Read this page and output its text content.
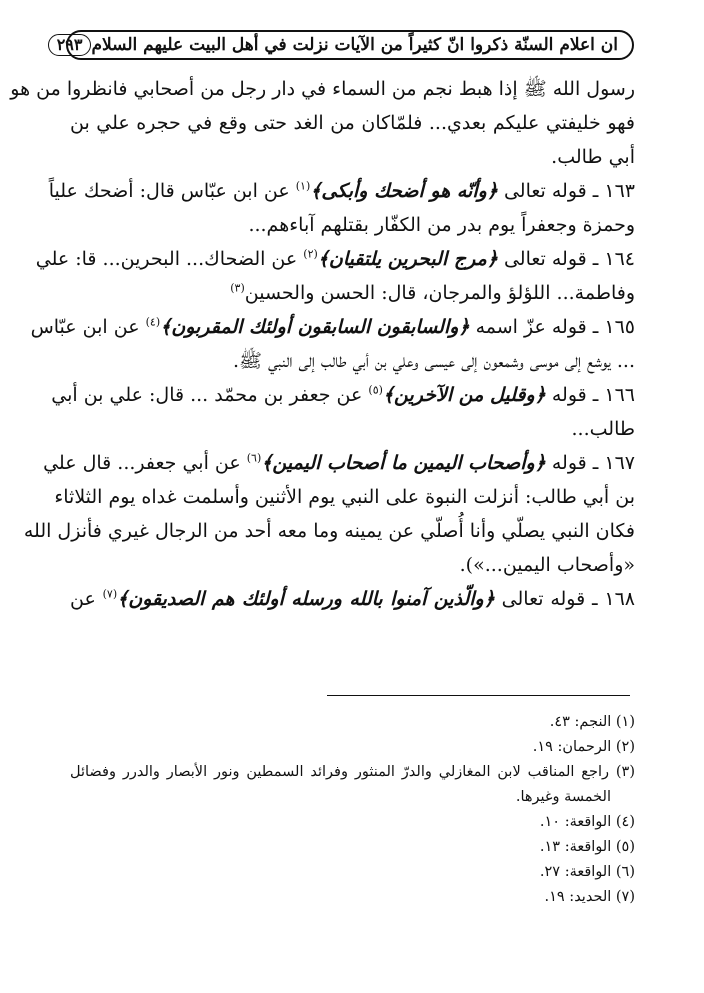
ان اعلام السنّة ذكروا انّ كثيراً من الآيات نزلت في أهل البيت عليهم السلام
٢٩٣
رسول الله ﷺ إذا هبط نجم من السماء في دار رجل من أصحابي فانظروا من هو
فهو خليفتي عليكم بعدي... فلمّاكان من الغد حتى وقع في حجره علي بن
أبي طالب.
١٦٣ ـ قوله تعالى ﴿وأنّه هو أضحك وأبكى﴾$^{(١)}$ عن ابن عبّاس قال: أضحك علياً
وحمزة وجعفراً يوم بدر من الكفّار بقتلهم آباءهم...
١٦٤ ـ قوله تعالى ﴿مرج البحرين يلتقيان﴾$^{(٢)}$ عن الضحاك... البحرين... قا: علي
وفاطمة... اللؤلؤ والمرجان، قال: الحسن والحسين$^{(٣)}$
١٦٥ ـ قوله عزّ اسمه ﴿والسابقون السابقون أولئك المقربون﴾$^{(٤)}$ عن ابن عبّاس
... يوشع إلى موسى وشمعون إلى عيسى وعلي بن أبي طالب إلى النبي ﷺ.
١٦٦ ـ قوله ﴿وقليل من الآخرين﴾$^{(٥)}$ عن جعفر بن محمّد ... قال: علي بن أبي
طالب...
١٦٧ ـ قوله ﴿وأصحاب اليمين ما أصحاب اليمين﴾$^{(٦)}$ عن أبي جعفر... قال علي
بن أبي طالب: أنزلت النبوة على النبي يوم الأثنين وأسلمت غداه يوم الثلاثاء
فكان النبي يصلّي وأنا أُصلّي عن يمينه وما معه أحد من الرجال غيري فأنزل الله
«وأصحاب اليمين...»).
١٦٨ ـ قوله تعالى ﴿والّذين آمنوا بالله ورسله أولئك هم الصديقون﴾$^{(٧)}$ عن
(١) النجم: ٤٣.
(٢) الرحمان: ١٩.
(٣) راجع المناقب لابن المغازلي والدرّ المنثور وفرائد السمطين ونور الأبصار والدرر وفضائل
الخمسة وغيرها.
(٤) الواقعة: ١٠.
(٥) الواقعة: ١٣.
(٦) الواقعة: ٢٧.
(٧) الحديد: ١٩.
